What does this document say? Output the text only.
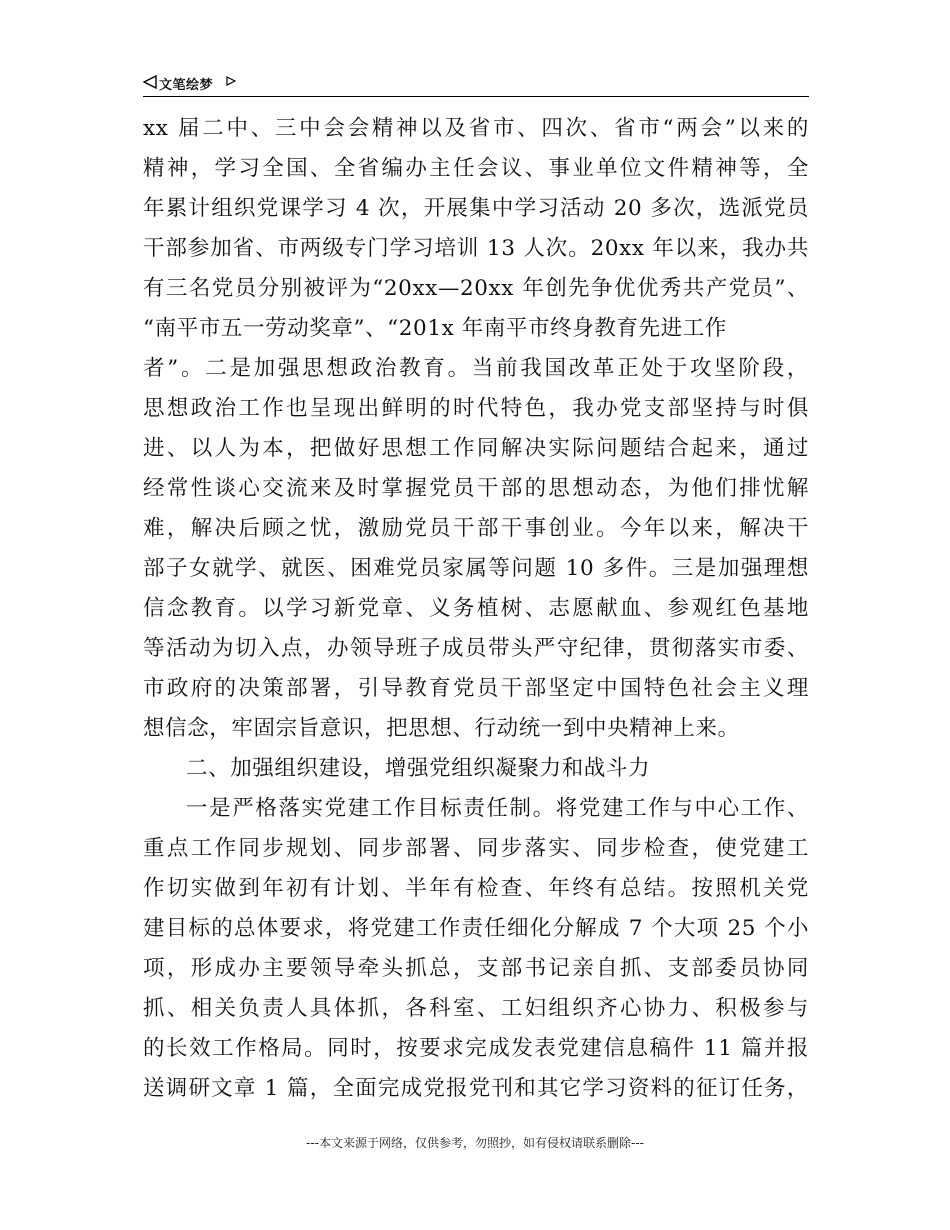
文笔绘梦
xx 届二中、三中会会精神以及省市、四次、省市“两会”以来的
精神，学习全国、全省编办主任会议、事业单位文件精神等，全
年累计组织党课学习 4 次，开展集中学习活动 20 多次，选派党员
干部参加省、市两级专门学习培训 13 人次。20xx 年以来，我办共
有三名党员分别被评为“20xx—20xx 年创先争优优秀共产党员”、
“南平市五一劳动奖章”、“201x 年南平市终身教育先进工作
者”。二是加强思想政治教育。当前我国改革正处于攻坚阶段，
思想政治工作也呈现出鲜明的时代特色，我办党支部坚持与时俱
进、以人为本，把做好思想工作同解决实际问题结合起来，通过
经常性谈心交流来及时掌握党员干部的思想动态，为他们排忧解
难，解决后顾之忧，激励党员干部干事创业。今年以来，解决干
部子女就学、就医、困难党员家属等问题 10 多件。三是加强理想
信念教育。以学习新党章、义务植树、志愿献血、参观红色基地
等活动为切入点，办领导班子成员带头严守纪律，贯彻落实市委、
市政府的决策部署，引导教育党员干部坚定中国特色社会主义理
想信念，牢固宗旨意识，把思想、行动统一到中央精神上来。
二、加强组织建设，增强党组织凝聚力和战斗力
一是严格落实党建工作目标责任制。将党建工作与中心工作、
重点工作同步规划、同步部署、同步落实、同步检查，使党建工
作切实做到年初有计划、半年有检查、年终有总结。按照机关党
建目标的总体要求，将党建工作责任细化分解成 7 个大项 25 个小
项，形成办主要领导牵头抓总，支部书记亲自抓、支部委员协同
抓、相关负责人具体抓，各科室、工妇组织齐心协力、积极参与
的长效工作格局。同时，按要求完成发表党建信息稿件 11 篇并报
送调研文章 1 篇，全面完成党报党刊和其它学习资料的征订任务，
---本文来源于网络，仅供参考，勿照抄，如有侵权请联系删除---
